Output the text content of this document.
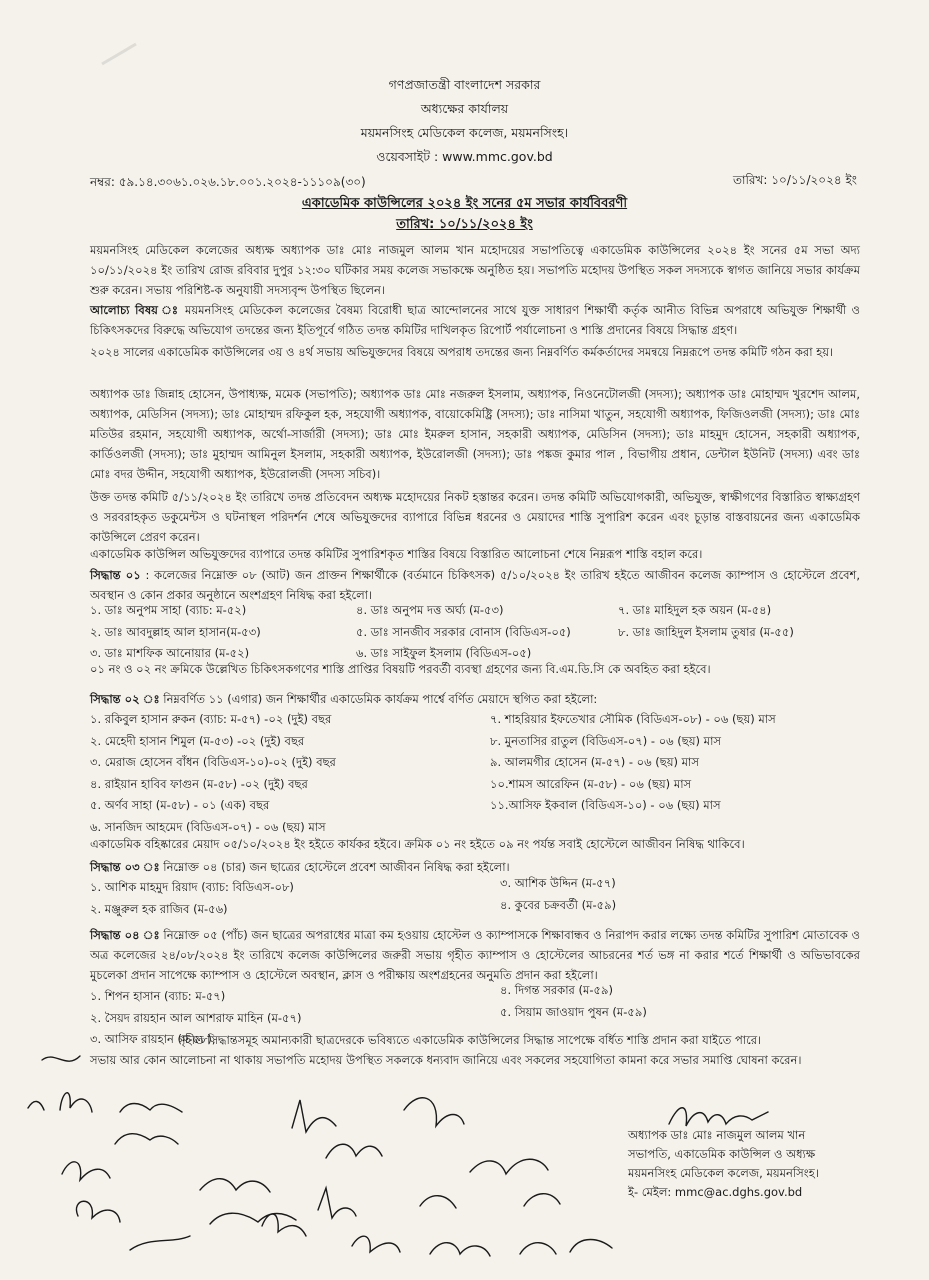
গণপ্রজাতন্ত্রী বাংলাদেশ সরকার
অধ্যক্ষের কার্যালয়
ময়মনসিংহ মেডিকেল কলেজ, ময়মনসিংহ।
ওয়েবসাইট : www.mmc.gov.bd
নম্বর: ৫৯.১৪.৩০৬১.০২৬.১৮.০০১.২০২৪-১১১০৯(৩০)	তারিখ: ১০/১১/২০২৪ ইং
একাডেমিক কাউন্সিলের ২০২৪ ইং সনের ৫ম সভার কার্যবিবরণী
তারিখ: ১০/১১/২০২৪ ইং

ময়মনসিংহ মেডিকেল কলেজের অধ্যক্ষ অধ্যাপক ডাঃ মোঃ নাজমুল আলম খান মহোদয়ের সভাপতিত্বে একাডেমিক কাউন্সিলের ২০২৪ ইং সনের ৫ম সভা অদ্য ১০/১১/২০২৪ ইং তারিখ রোজ রবিবার দুপুর ১২:৩০ ঘটিকার সময় কলেজ সভাকক্ষে অনুষ্ঠিত হয়। সভাপতি মহোদয় উপস্থিত সকল সদস্যকে স্বাগত জানিয়ে সভার কার্যক্রম শুরু করেন। সভায় পরিশিষ্ট-ক অনুযায়ী সদস্যবৃন্দ উপস্থিত ছিলেন।

আলোচ্য বিষয় ঃ ময়মনসিংহ মেডিকেল কলেজের বৈষম্য বিরোধী ছাত্র আন্দোলনের সাথে যুক্ত সাধারণ শিক্ষার্থী কর্তৃক আনীত বিভিন্ন অপরাধে অভিযুক্ত শিক্ষার্থী ও চিকিৎসকদের বিরুদ্ধে অভিযোগ তদন্তের জন্য ইতিপূর্বে গঠিত তদন্ত কমিটির দাখিলকৃত রিপোর্ট পর্যালোচনা ও শাস্তি প্রদানের বিষয়ে সিদ্ধান্ত গ্রহণ।

২০২৪ সালের একাডেমিক কাউন্সিলের ৩য় ও ৪র্থ সভায় অভিযুক্তদের বিষয়ে অপরাধ তদন্তের জন্য নিম্নবর্ণিত কর্মকর্তাদের সমন্বয়ে নিম্নরূপে তদন্ত কমিটি গঠন করা হয়।

অধ্যাপক ডাঃ জিন্নাহ হোসেন, উপাধ্যক্ষ, মমেক (সভাপতি); অধ্যাপক ডাঃ মোঃ নজরুল ইসলাম, অধ্যাপক, নিওনেটোলজী (সদস্য); অধ্যাপক ডাঃ মোহাম্মদ খুরশেদ আলম, অধ্যাপক, মেডিসিন (সদস্য); ডাঃ মোহাম্মদ রফিকুল হক, সহযোগী অধ্যাপক, বায়োকেমিষ্ট্রি (সদস্য); ডাঃ নাসিমা খাতুন, সহযোগী অধ্যাপক, ফিজিওলজী (সদস্য); ডাঃ মোঃ মতিউর রহমান, সহযোগী অধ্যাপক, অর্থো-সার্জারী (সদস্য); ডাঃ মোঃ ইমরুল হাসান, সহকারী অধ্যাপক, মেডিসিন (সদস্য); ডাঃ মাহমুদ হোসেন, সহকারী অধ্যাপক, কার্ডিওলজী (সদস্য); ডাঃ মুহাম্মদ আমিনুল ইসলাম, সহকারী অধ্যাপক, ইউরোলজী (সদস্য); ডাঃ পঙ্কজ কুমার পাল , বিভাগীয় প্রধান, ডেন্টাল ইউনিট (সদস্য) এবং ডাঃ মোঃ বদর উদ্দীন, সহযোগী অধ্যাপক, ইউরোলজী (সদস্য সচিব)।

উক্ত তদন্ত কমিটি ৫/১১/২০২৪ ইং তারিখে তদন্ত প্রতিবেদন অধ্যক্ষ মহোদয়ের নিকট হস্তান্তর করেন। তদন্ত কমিটি অভিযোগকারী, অভিযুক্ত, স্বাক্ষীগণের বিস্তারিত স্বাক্ষ্যগ্রহণ ও সরবরাহকৃত ডকুমেন্টস ও ঘটনাস্থল পরিদর্শন শেষে অভিযুক্তদের ব্যাপারে বিভিন্ন ধরনের ও মেয়াদের শাস্তি সুপারিশ করেন এবং চূড়ান্ত বাস্তবায়নের জন্য একাডেমিক কাউন্সিলে প্রেরণ করেন।

একাডেমিক কাউন্সিল অভিযুক্তদের ব্যাপারে তদন্ত কমিটির সুপারিশকৃত শাস্তির বিষয়ে বিস্তারিত আলোচনা শেষে নিম্নরূপ শাস্তি বহাল করে।

সিদ্ধান্ত ০১ : কলেজের নিম্নোক্ত ০৮ (আট) জন প্রাক্তন শিক্ষার্থীকে (বর্তমানে চিকিৎসক) ৫/১০/২০২৪ ইং তারিখ হইতে আজীবন কলেজ ক্যাম্পাস ও হোস্টেলে প্রবেশ, অবস্থান ও কোন প্রকার অনুষ্ঠানে অংশগ্রহণ নিষিদ্ধ করা হইলো।

১. ডাঃ অনুপম সাহা (ব্যাচ: ম-৫২)
২. ডাঃ আবদুল্লাহ আল হাসান(ম-৫৩)
৩. ডাঃ মাশফিক আনোয়ার (ম-৫২)
৪. ডাঃ অনুপম দত্ত অর্ঘ্য (ম-৫৩)
৫. ডাঃ সানজীব সরকার বোনাস (বিডিএস-০৫)
৬. ডাঃ সাইফুল ইসলাম (বিডিএস-০৫)
৭. ডাঃ মাহিদুল হক অয়ন (ম-৫৪)
৮. ডাঃ জাহিদুল ইসলাম তুষার (ম-৫৫)
০১ নং ও ০২ নং ক্রমিকে উল্লেখিত চিকিৎসকগণের শাস্তি প্রাপ্তির বিষয়টি পরবর্তী ব্যবস্থা গ্রহণের জন্য বি.এম.ডি.সি কে অবহিত করা হইবে।
সিদ্ধান্ত ০২ ঃ নিম্নবর্ণিত ১১ (এগার) জন শিক্ষার্থীর একাডেমিক কার্যক্রম পার্শ্বে বর্ণিত মেয়াদে স্থগিত করা হইলো:
১. রকিবুল হাসান রুকন (ব্যাচ: ম-৫৭) -০২ (দুই) বছর
২. মেহেদী হাসান শিমুল (ম-৫৩) -০২ (দুই) বছর
৩. মেরাজ হোসেন বাঁধন (বিডিএস-১০)-০২ (দুই) বছর
৪. রাইয়ান হাবিব ফাগুন (ম-৫৮) -০২ (দুই) বছর
৫. অর্ণব সাহা (ম-৫৮) - ০১ (এক) বছর
৬. সানজিদ আহমেদ (বিডিএস-০৭) - ০৬ (ছয়) মাস
৭. শাহরিয়ার ইফতেখার সৌমিক (বিডিএস-০৮) - ০৬ (ছয়) মাস
৮. মুনতাসির রাতুল (বিডিএস-০৭) - ০৬ (ছয়) মাস
৯. আলমগীর হোসেন (ম-৫৭) - ০৬ (ছয়) মাস
১০.শামস আরেফিন (ম-৫৮) - ০৬ (ছয়) মাস
১১.আসিফ ইকবাল (বিডিএস-১০) - ০৬ (ছয়) মাস
একাডেমিক বহিষ্কারের মেয়াদ ০৫/১০/২০২৪ ইং হইতে কার্যকর হইবে। ক্রমিক ০১ নং হইতে ০৯ নং পর্যন্ত সবাই হোস্টেলে আজীবন নিষিদ্ধ থাকিবে।
সিদ্ধান্ত ০৩ ঃ নিম্নোক্ত ০৪ (চার) জন ছাত্রের হোস্টেলে প্রবেশ আজীবন নিষিদ্ধ করা হইলো।
১. আশিক মাহমুদ রিয়াদ (ব্যাচ: বিডিএস-০৮)
২. মঞ্জুরুল হক রাজিব (ম-৫৬)
৩. আশিক উদ্দিন (ম-৫৭)
৪. কুবের চক্রবর্তী (ম-৫৯)

সিদ্ধান্ত ০৪ ঃ নিম্নোক্ত ০৫ (পাঁচ) জন ছাত্রের অপরাধের মাত্রা কম হওয়ায় হোস্টেল ও ক্যাম্পাসকে শিক্ষাবান্ধব ও নিরাপদ করার লক্ষ্যে তদন্ত কমিটির সুপারিশ মোতাবেক ও অত্র কলেজের ২৪/০৮/২০২৪ ইং তারিখে কলেজ কাউন্সিলের জরুরী সভায় গৃহীত ক্যাম্পাস ও হোস্টেলের আচরনের শর্ত ভঙ্গ না করার শর্তে শিক্ষার্থী ও অভিভাবকের মুচলেকা প্রদান সাপেক্ষে ক্যাম্পাস ও হোস্টেলে অবস্থান, ক্লাস ও পরীক্ষায় অংশগ্রহনের অনুমতি প্রদান করা হইলো।

১. শিপন হাসান (ব্যাচ: ম-৫৭)
২. সৈয়দ রায়হান আল আশরাফ মাহিন (ম-৫৭)
৩. আসিফ রায়হান (ম-৫৮),
৪. দিগন্ত সরকার (ম-৫৯)
৫. সিয়াম জাওয়াদ পুষন (ম-৫৯)
গৃহীত সিদ্ধান্তসমূহ অমান্যকারী ছাত্রদেরকে ভবিষ্যতে একাডেমিক কাউন্সিলের সিদ্ধান্ত সাপেক্ষে বর্ধিত শাস্তি প্রদান করা যাইতে পারে।

সভায় আর কোন আলোচনা না থাকায় সভাপতি মহোদয় উপস্থিত সকলকে ধন্যবাদ জানিয়ে এবং সকলের সহযোগিতা কামনা করে সভার সমাপ্তি ঘোষনা করেন।

অধ্যাপক ডাঃ মোঃ নাজমুল আলম খান
সভাপতি, একাডেমিক কাউন্সিল ও অধ্যক্ষ
ময়মনসিংহ মেডিকেল কলেজ, ময়মনসিংহ।
ই- মেইল: mmc@ac.dghs.gov.bd
